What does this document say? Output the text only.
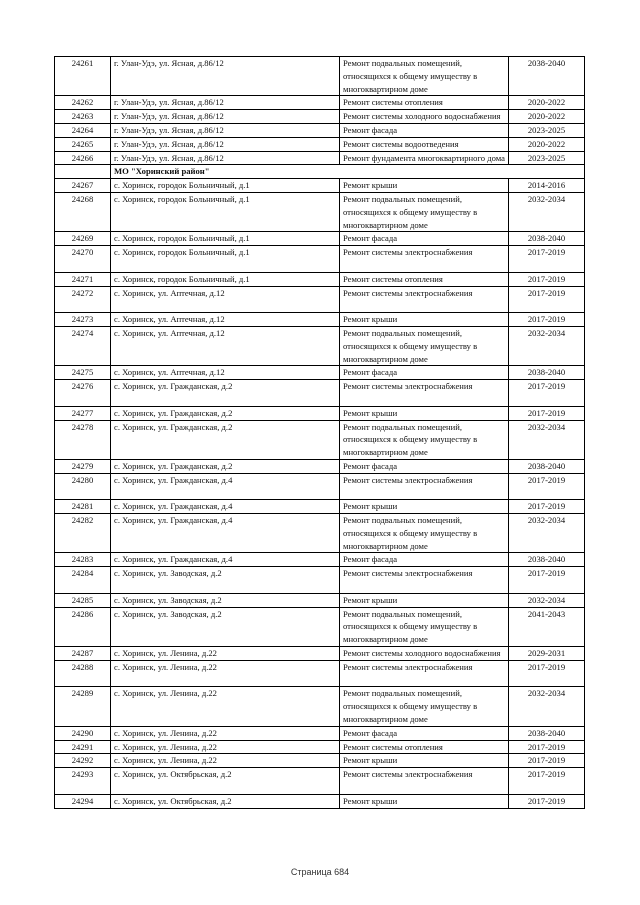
24261	г. Улан-Удэ, ул. Ясная, д.86/12	Ремонт подвальных помещений, относящихся к общему имуществу в многоквартирном доме	2038-2040
24262	г. Улан-Удэ, ул. Ясная, д.86/12	Ремонт системы отопления	2020-2022
24263	г. Улан-Удэ, ул. Ясная, д.86/12	Ремонт системы холодного водоснабжения	2020-2022
24264	г. Улан-Удэ, ул. Ясная, д.86/12	Ремонт фасада	2023-2025
24265	г. Улан-Удэ, ул. Ясная, д.86/12	Ремонт системы водоотведения	2020-2022
24266	г. Улан-Удэ, ул. Ясная, д.86/12	Ремонт фундамента многоквартирного дома	2023-2025
	МО "Хоринский район"		
24267	с. Хоринск, городок Больничный, д.1	Ремонт крыши	2014-2016
24268	с. Хоринск, городок Больничный, д.1	Ремонт подвальных помещений, относящихся к общему имуществу в многоквартирном доме	2032-2034
24269	с. Хоринск, городок Больничный, д.1	Ремонт фасада	2038-2040
24270	с. Хоринск, городок Больничный, д.1	Ремонт системы электроснабжения	2017-2019
24271	с. Хоринск, городок Больничный, д.1	Ремонт системы отопления	2017-2019
24272	с. Хоринск, ул. Аптечная, д.12	Ремонт системы электроснабжения	2017-2019
24273	с. Хоринск, ул. Аптечная, д.12	Ремонт крыши	2017-2019
24274	с. Хоринск, ул. Аптечная, д.12	Ремонт подвальных помещений, относящихся к общему имуществу в многоквартирном доме	2032-2034
24275	с. Хоринск, ул. Аптечная, д.12	Ремонт фасада	2038-2040
24276	с. Хоринск, ул. Гражданская, д.2	Ремонт системы электроснабжения	2017-2019
24277	с. Хоринск, ул. Гражданская, д.2	Ремонт крыши	2017-2019
24278	с. Хоринск, ул. Гражданская, д.2	Ремонт подвальных помещений, относящихся к общему имуществу в многоквартирном доме	2032-2034
24279	с. Хоринск, ул. Гражданская, д.2	Ремонт фасада	2038-2040
24280	с. Хоринск, ул. Гражданская, д.4	Ремонт системы электроснабжения	2017-2019
24281	с. Хоринск, ул. Гражданская, д.4	Ремонт крыши	2017-2019
24282	с. Хоринск, ул. Гражданская, д.4	Ремонт подвальных помещений, относящихся к общему имуществу в многоквартирном доме	2032-2034
24283	с. Хоринск, ул. Гражданская, д.4	Ремонт фасада	2038-2040
24284	с. Хоринск, ул. Заводская, д.2	Ремонт системы электроснабжения	2017-2019
24285	с. Хоринск, ул. Заводская, д.2	Ремонт крыши	2032-2034
24286	с. Хоринск, ул. Заводская, д.2	Ремонт подвальных помещений, относящихся к общему имуществу в многоквартирном доме	2041-2043
24287	с. Хоринск, ул. Ленина, д.22	Ремонт системы холодного водоснабжения	2029-2031
24288	с. Хоринск, ул. Ленина, д.22	Ремонт системы электроснабжения	2017-2019
24289	с. Хоринск, ул. Ленина, д.22	Ремонт подвальных помещений, относящихся к общему имуществу в многоквартирном доме	2032-2034
24290	с. Хоринск, ул. Ленина, д.22	Ремонт фасада	2038-2040
24291	с. Хоринск, ул. Ленина, д.22	Ремонт системы отопления	2017-2019
24292	с. Хоринск, ул. Ленина, д.22	Ремонт крыши	2017-2019
24293	с. Хоринск, ул. Октябрьская, д.2	Ремонт системы электроснабжения	2017-2019
24294	с. Хоринск, ул. Октябрьская, д.2	Ремонт крыши	2017-2019
Страница 684
